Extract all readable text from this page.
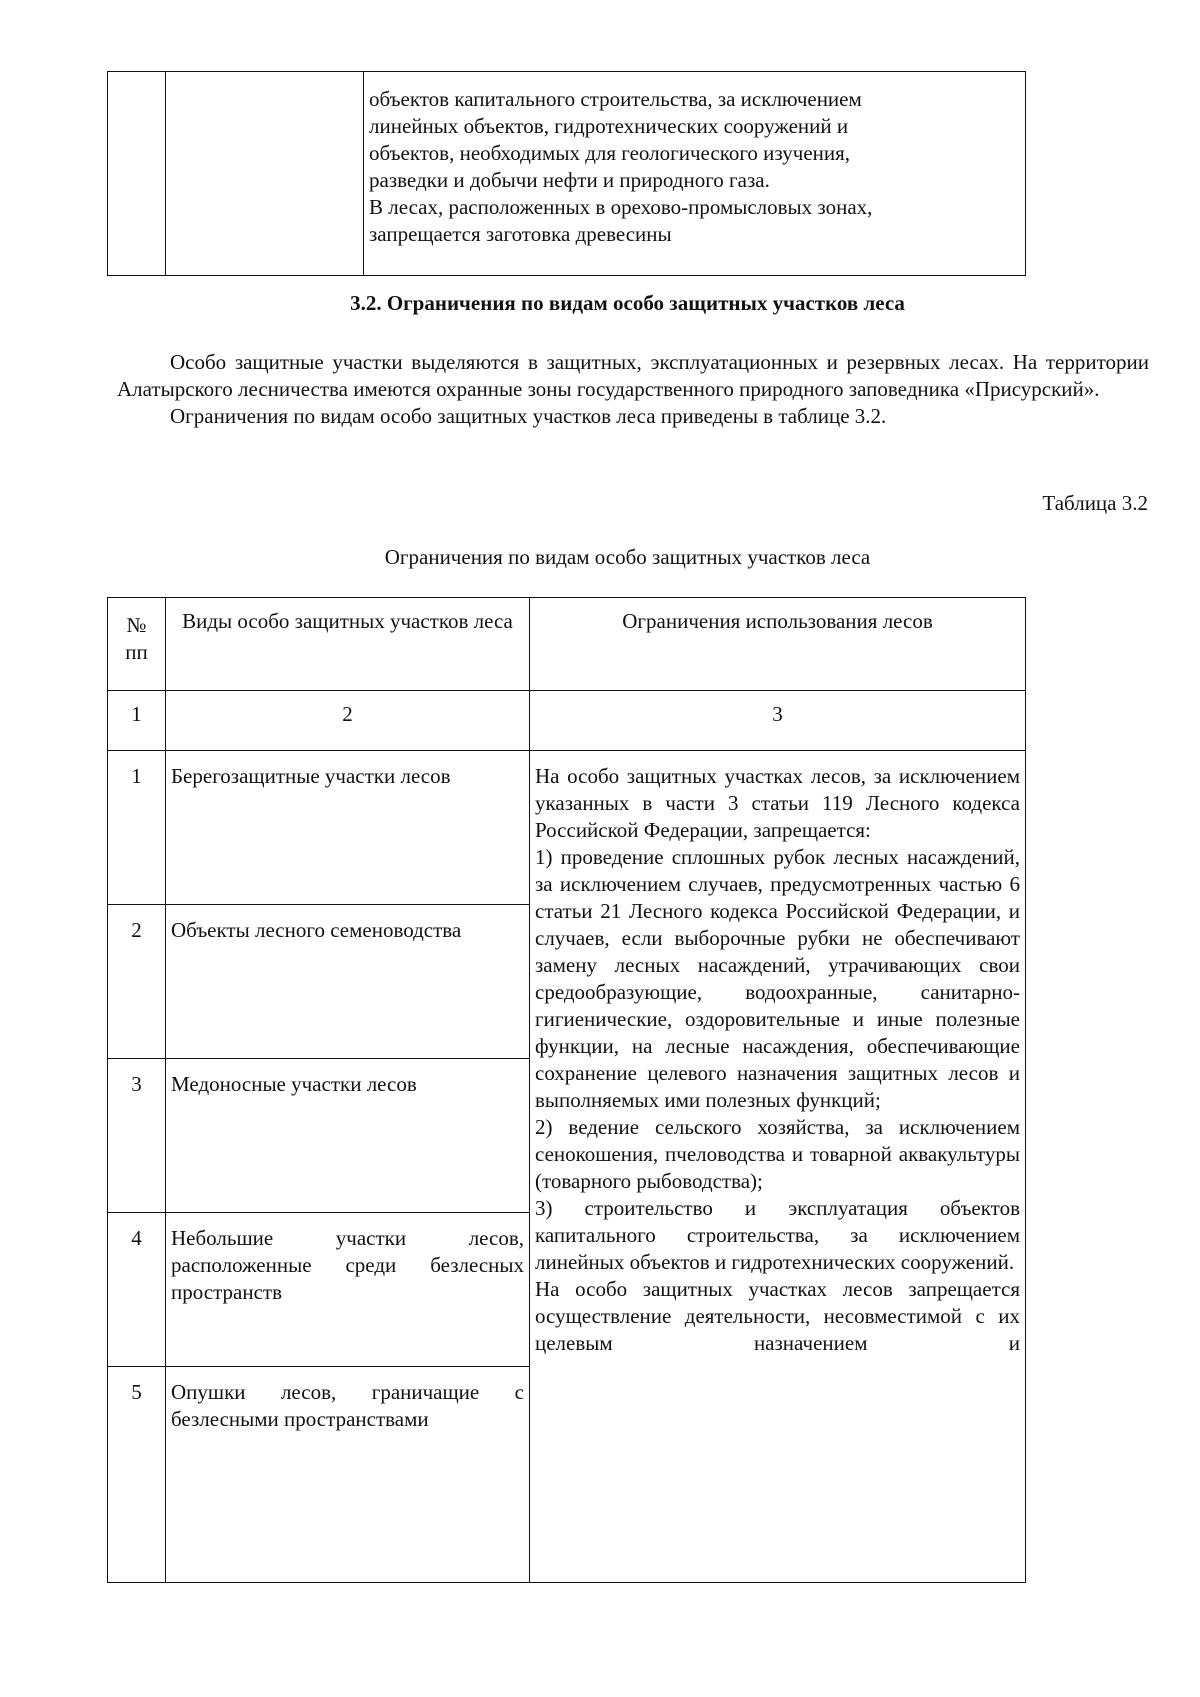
объектов капитального строительства, за исключением

линейных объектов, гидротехнических сооружений и

объектов, необходимых для геологического изучения,

разведки и добычи нефти и природного газа.

В лесах, расположенных в орехово-промысловых зонах,

запрещается заготовка древесины

3.2. Ограничения по видам особо защитных участков леса

Особо защитные участки выделяются в защитных, эксплуатационных и резервных лесах. На территории Алатырского лесничества имеются охранные зоны государственного природного заповедника «Присурский».

Ограничения по видам особо защитных участков леса приведены в таблице 3.2.

Таблица 3.2

Ограничения по видам особо защитных участков леса

№ пп	Виды особо защитных участков леса	Ограничения использования лесов
1	2	3
1	Берегозащитные участки лесов	На особо защитных участках лесов, за исключением указанных в части 3 статьи 119 Лесного кодекса Российской Федерации, запрещается:

1) проведение сплошных рубок лесных насаждений, за исключением случаев, предусмотренных частью 6 статьи 21 Лесного кодекса Российской Федерации, и случаев, если выборочные рубки не обеспечивают замену лесных насаждений, утрачивающих свои средообразующие, водоохранные, санитарно-гигиенические, оздоровительные и иные полезные функции, на лесные насаждения, обеспечивающие сохранение целевого назначения защитных лесов и выполняемых ими полезных функций;

2) ведение сельского хозяйства, за исключением сенокошения, пчеловодства и товарной аквакультуры (товарного рыбоводства);

3) строительство и эксплуатация объектов капитального строительства, за исключением линейных объектов и гидротехнических сооружений.

На особо защитных участках лесов запрещается осуществление деятельности, несовместимой с их целевым назначением и

2	Объекты лесного семеноводства	
3	Медоносные участки лесов	
4	Небольшие участки лесов, расположенные среди безлесных пространств	
5	Опушки лесов, граничащие с безлесными пространствами	
